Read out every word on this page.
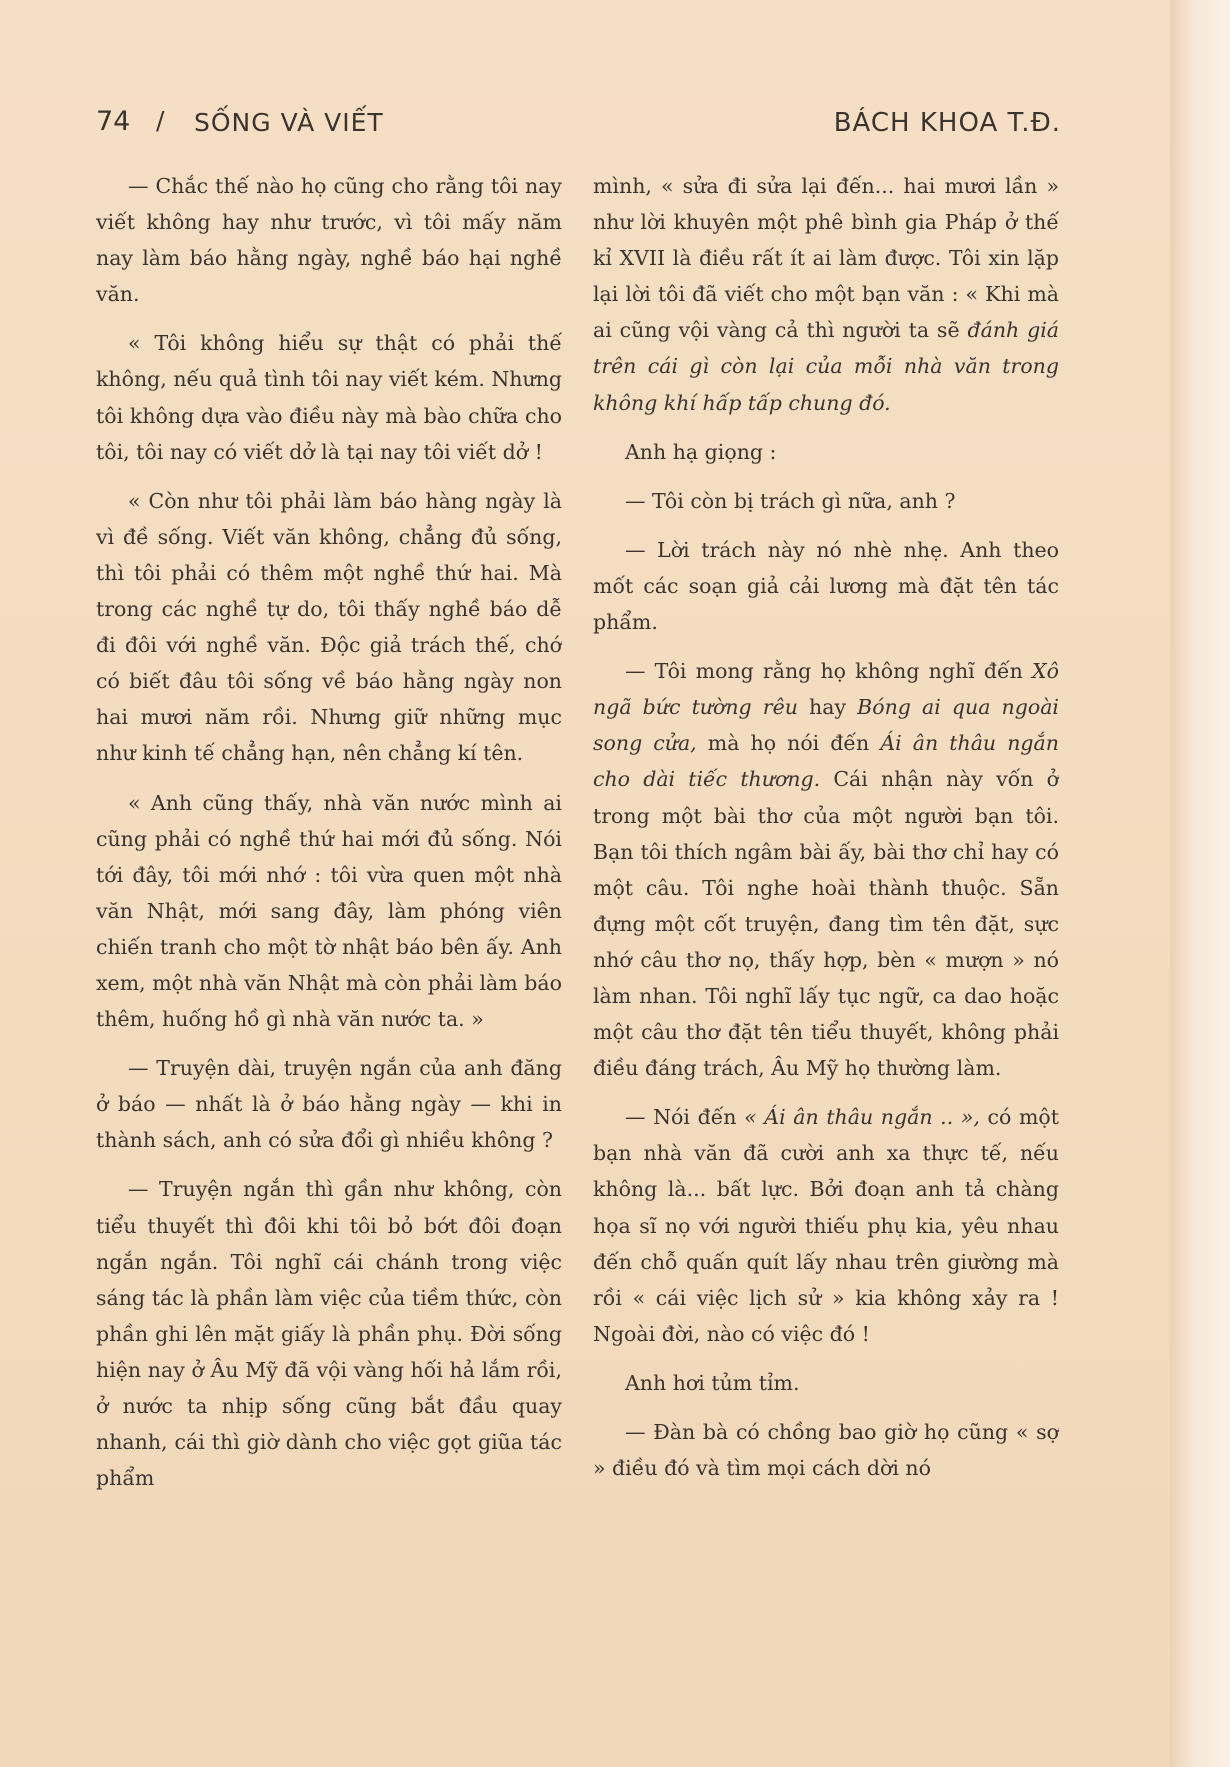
74 / SỐNG VÀ VIẾT	BÁCH KHOA T.Đ.

— Chắc thế nào họ cũng cho rằng tôi nay viết không hay như trước, vì tôi mấy năm nay làm báo hằng ngày, nghề báo hại nghề văn.

« Tôi không hiểu sự thật có phải thế không, nếu quả tình tôi nay viết kém. Nhưng tôi không dựa vào điều này mà bào chữa cho tôi, tôi nay có viết dở là tại nay tôi viết dở !

« Còn như tôi phải làm báo hàng ngày là vì đề sống. Viết văn không, chẳng đủ sống, thì tôi phải có thêm một nghề thứ hai. Mà trong các nghề tự do, tôi thấy nghề báo dễ đi đôi với nghề văn. Độc giả trách thế, chớ có biết đâu tôi sống về báo hằng ngày non hai mươi năm rồi. Nhưng giữ những mục như kinh tế chẳng hạn, nên chẳng kí tên.

« Anh cũng thấy, nhà văn nước mình ai cũng phải có nghề thứ hai mới đủ sống. Nói tới đây, tôi mới nhớ : tôi vừa quen một nhà văn Nhật, mới sang đây, làm phóng viên chiến tranh cho một tờ nhật báo bên ấy. Anh xem, một nhà văn Nhật mà còn phải làm báo thêm, huống hồ gì nhà văn nước ta. »

— Truyện dài, truyện ngắn của anh đăng ở báo — nhất là ở báo hằng ngày — khi in thành sách, anh có sửa đổi gì nhiều không ?

— Truyện ngắn thì gần như không, còn tiểu thuyết thì đôi khi tôi bỏ bớt đôi đoạn ngắn ngắn. Tôi nghĩ cái chánh trong việc sáng tác là phần làm việc của tiềm thức, còn phần ghi lên mặt giấy là phần phụ. Đời sống hiện nay ở Âu Mỹ đã vội vàng hối hả lắm rồi, ở nước ta nhịp sống cũng bắt đầu quay nhanh, cái thì giờ dành cho việc gọt giũa tác phẩm

mình, « sửa đi sửa lại đến... hai mươi lần » như lời khuyên một phê bình gia Pháp ở thế kỉ XVII là điều rất ít ai làm được. Tôi xin lặp lại lời tôi đã viết cho một bạn văn : « Khi mà ai cũng vội vàng cả thì người ta sẽ đánh giá trên cái gì còn lại của mỗi nhà văn trong không khí hấp tấp chung đó.

Anh hạ giọng :

— Tôi còn bị trách gì nữa, anh ?

— Lời trách này nó nhè nhẹ. Anh theo mốt các soạn giả cải lương mà đặt tên tác phẩm.

— Tôi mong rằng họ không nghĩ đến Xô ngã bức tường rêu hay Bóng ai qua ngoài song cửa, mà họ nói đến Ái ân thâu ngắn cho dài tiếc thương. Cái nhận này vốn ở trong một bài thơ của một người bạn tôi. Bạn tôi thích ngâm bài ấy, bài thơ chỉ hay có một câu. Tôi nghe hoài thành thuộc. Sẵn đựng một cốt truyện, đang tìm tên đặt, sực nhớ câu thơ nọ, thấy hợp, bèn « mượn » nó làm nhan. Tôi nghĩ lấy tục ngữ, ca dao hoặc một câu thơ đặt tên tiểu thuyết, không phải điều đáng trách, Âu Mỹ họ thường làm.

— Nói đến « Ái ân thâu ngắn .. », có một bạn nhà văn đã cười anh xa thực tế, nếu không là... bất lực. Bởi đoạn anh tả chàng họa sĩ nọ với người thiếu phụ kia, yêu nhau đến chỗ quấn quít lấy nhau trên giường mà rồi « cái việc lịch sử » kia không xảy ra ! Ngoài đời, nào có việc đó !

Anh hơi tủm tỉm.

— Đàn bà có chồng bao giờ họ cũng « sợ » điều đó và tìm mọi cách dời nó
